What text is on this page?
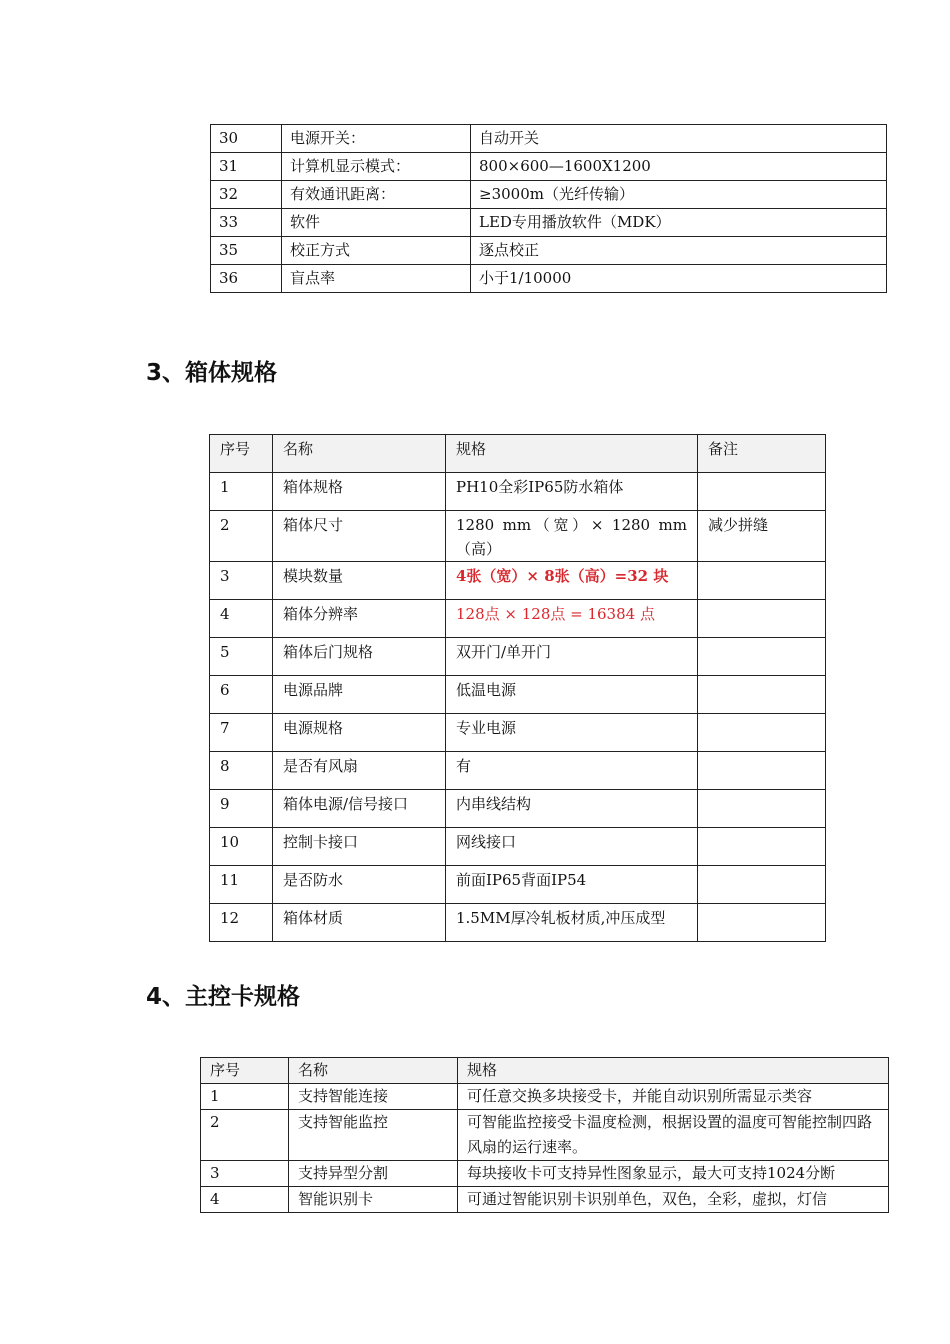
30	电源开关：	自动开关
31	计算机显示模式：	800×600—1600X1200
32	有效通讯距离：	≥3000m（光纤传输）
33	软件	LED专用播放软件（MDK）
35	校正方式	逐点校正
36	盲点率	小于1/10000
3、箱体规格
序号	名称	规格	备注
1	箱体规格	PH10全彩IP65防水箱体	
2	箱体尺寸	1280 mm（宽）× 1280 mm（高）	减少拼缝
3	模块数量	4张（宽）× 8张（高）=32 块	
4	箱体分辨率	128点 × 128点 = 16384 点	
5	箱体后门规格	双开门/单开门	
6	电源品牌	低温电源	
7	电源规格	专业电源	
8	是否有风扇	有	
9	箱体电源/信号接口	内串线结构	
10	控制卡接口	网线接口	
11	是否防水	前面IP65背面IP54	
12	箱体材质	1.5MM厚冷轧板材质,冲压成型	
4、主控卡规格
序号	名称	规格
1	支持智能连接	可任意交换多块接受卡，并能自动识别所需显示类容
2	支持智能监控	可智能监控接受卡温度检测，根据设置的温度可智能控制四路风扇的运行速率。
3	支持异型分割	每块接收卡可支持异性图象显示，最大可支持1024分断
4	智能识别卡	可通过智能识别卡识别单色，双色，全彩，虚拟，灯信
